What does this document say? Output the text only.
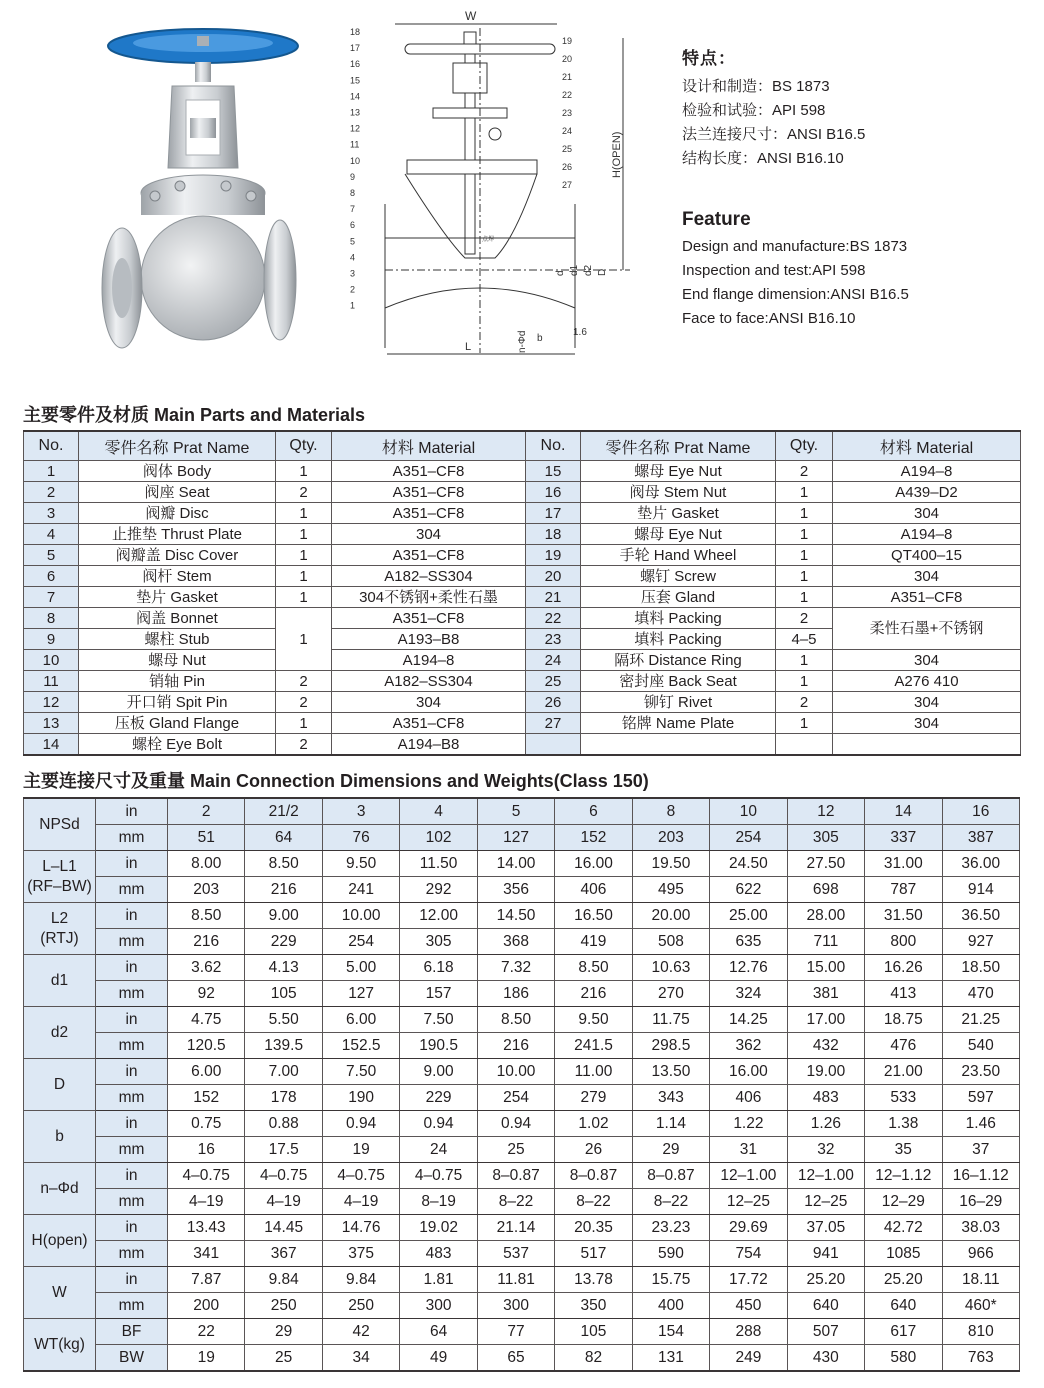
W
L
H(OPEN)
d d1 d2 D
n-Φd b
1.6
点焊
18
17
16
15
14
13
12
11
10
9
8
7
6
5
4
3
2
1
19
20
21
22
23
24
25
26
27
特点：
设计和制造：BS 1873
检验和试验：API 598
法兰连接尺寸：ANSI B16.5
结构长度：ANSI B16.10
Feature
Design and manufacture:BS 1873
Inspection and test:API 598
End flange dimension:ANSI B16.5
Face to face:ANSI B16.10
主要零件及材质 Main Parts and Materials
No.	零件名称 Prat Name	Qty.	材料 Material	No.	零件名称 Prat Name	Qty.	材料 Material
1	阀体 Body	1	A351–CF8	15	螺母 Eye Nut	2	A194–8
2	阀座 Seat	2	A351–CF8	16	阀母 Stem Nut	1	A439–D2
3	阀瓣 Disc	1	A351–CF8	17	垫片 Gasket	1	304
4	止推垫 Thrust Plate	1	304	18	螺母 Eye Nut	1	A194–8
5	阀瓣盖 Disc Cover	1	A351–CF8	19	手轮 Hand Wheel	1	QT400–15
6	阀杆 Stem	1	A182–SS304	20	螺钉 Screw	1	304
7	垫片 Gasket	1	304不锈钢+柔性石墨	21	压套 Gland	1	A351–CF8
8	阀盖 Bonnet	1	A351–CF8	22	填料 Packing	2	柔性石墨+不锈钢
9	螺柱 Stub		A193–B8	23	填料 Packing	4–5	
10	螺母 Nut		A194–8	24	隔环 Distance Ring	1	304
11	销轴 Pin	2	A182–SS304	25	密封座 Back Seat	1	A276 410
12	开口销 Spit Pin	2	304	26	铆钉 Rivet	2	304
13	压板 Gland Flange	1	A351–CF8	27	铭牌 Name Plate	1	304
14	螺栓 Eye Bolt	2	A194–B8				
主要连接尺寸及重量 Main Connection Dimensions and Weights(Class 150)
NPSd	in	2	21/2	3	4	5	6	8	10	12	14	16
	mm	51	64	76	102	127	152	203	254	305	337	387
L–L1
(RF–BW)	in	8.00	8.50	9.50	11.50	14.00	16.00	19.50	24.50	27.50	31.00	36.00
	mm	203	216	241	292	356	406	495	622	698	787	914
L2
(RTJ)	in	8.50	9.00	10.00	12.00	14.50	16.50	20.00	25.00	28.00	31.50	36.50
	mm	216	229	254	305	368	419	508	635	711	800	927
d1	in	3.62	4.13	5.00	6.18	7.32	8.50	10.63	12.76	15.00	16.26	18.50
	mm	92	105	127	157	186	216	270	324	381	413	470
d2	in	4.75	5.50	6.00	7.50	8.50	9.50	11.75	14.25	17.00	18.75	21.25
	mm	120.5	139.5	152.5	190.5	216	241.5	298.5	362	432	476	540
D	in	6.00	7.00	7.50	9.00	10.00	11.00	13.50	16.00	19.00	21.00	23.50
	mm	152	178	190	229	254	279	343	406	483	533	597
b	in	0.75	0.88	0.94	0.94	0.94	1.02	1.14	1.22	1.26	1.38	1.46
	mm	16	17.5	19	24	25	26	29	31	32	35	37
n–Φd	in	4–0.75	4–0.75	4–0.75	4–0.75	8–0.87	8–0.87	8–0.87	12–1.00	12–1.00	12–1.12	16–1.12
	mm	4–19	4–19	4–19	8–19	8–22	8–22	8–22	12–25	12–25	12–29	16–29
H(open)	in	13.43	14.45	14.76	19.02	21.14	20.35	23.23	29.69	37.05	42.72	38.03
	mm	341	367	375	483	537	517	590	754	941	1085	966
W	in	7.87	9.84	9.84	1.81	11.81	13.78	15.75	17.72	25.20	25.20	18.11
	mm	200	250	250	300	300	350	400	450	640	640	460*
WT(kg)	BF	22	29	42	64	77	105	154	288	507	617	810
	BW	19	25	34	49	65	82	131	249	430	580	763
